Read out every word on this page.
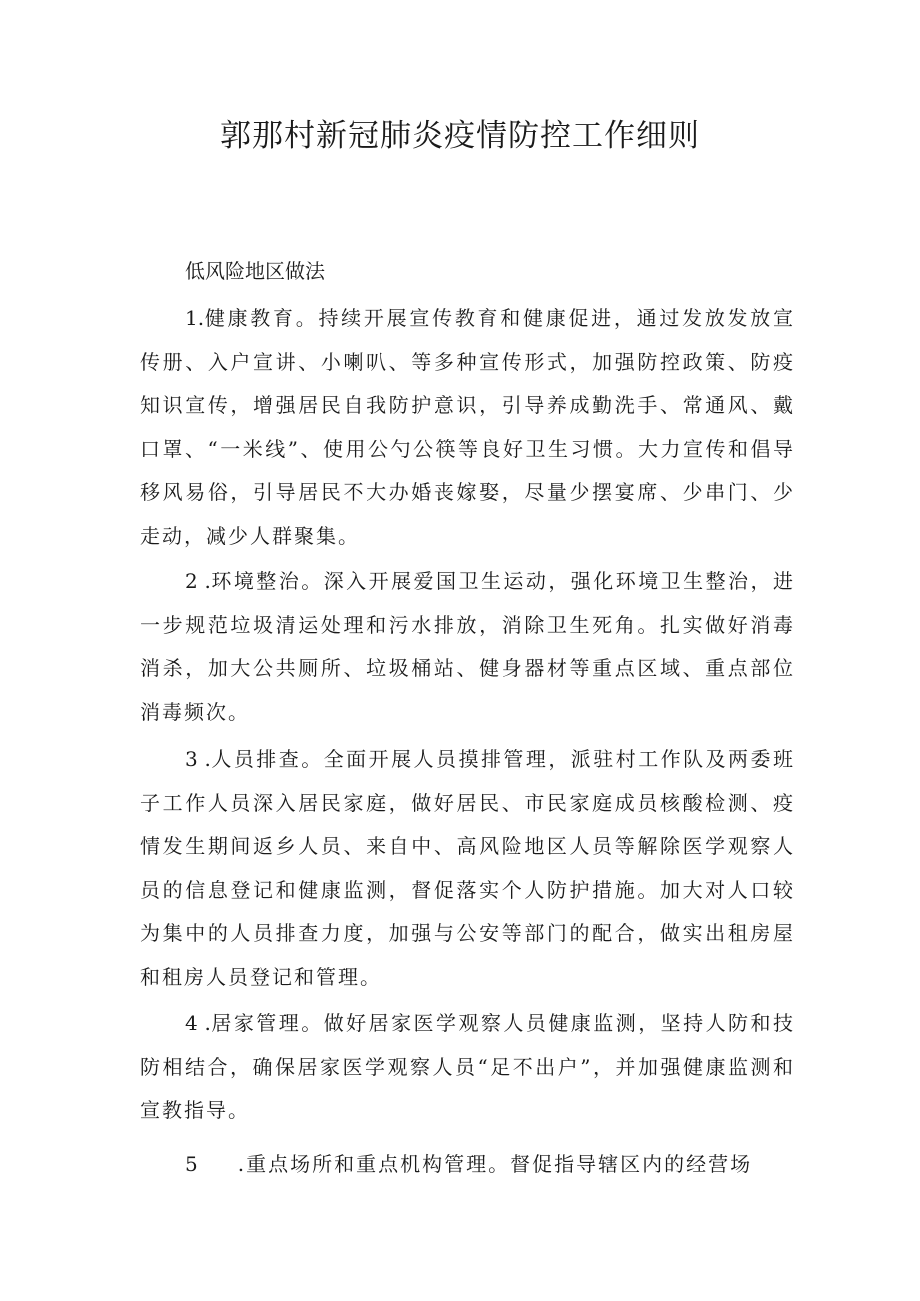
郭那村新冠肺炎疫情防控工作细则

低风险地区做法

1.健康教育。持续开展宣传教育和健康促进，通过发放发放宣传册、入户宣讲、小喇叭、等多种宣传形式，加强防控政策、防疫知识宣传，增强居民自我防护意识，引导养成勤洗手、常通风、戴口罩、“一米线”、使用公勺公筷等良好卫生习惯。大力宣传和倡导移风易俗，引导居民不大办婚丧嫁娶，尽量少摆宴席、少串门、少走动，减少人群聚集。

2 .环境整治。深入开展爱国卫生运动，强化环境卫生整治，进一步规范垃圾清运处理和污水排放，消除卫生死角。扎实做好消毒消杀，加大公共厕所、垃圾桶站、健身器材等重点区域、重点部位消毒频次。

3 .人员排查。全面开展人员摸排管理，派驻村工作队及两委班子工作人员深入居民家庭，做好居民、市民家庭成员核酸检测、疫情发生期间返乡人员、来自中、高风险地区人员等解除医学观察人员的信息登记和健康监测，督促落实个人防护措施。加大对人口较为集中的人员排查力度，加强与公安等部门的配合，做实出租房屋和租房人员登记和管理。

4 .居家管理。做好居家医学观察人员健康监测，坚持人防和技防相结合，确保居家医学观察人员“足不出户”，并加强健康监测和宣教指导。

5 .重点场所和重点机构管理。督促指导辖区内的经营场
